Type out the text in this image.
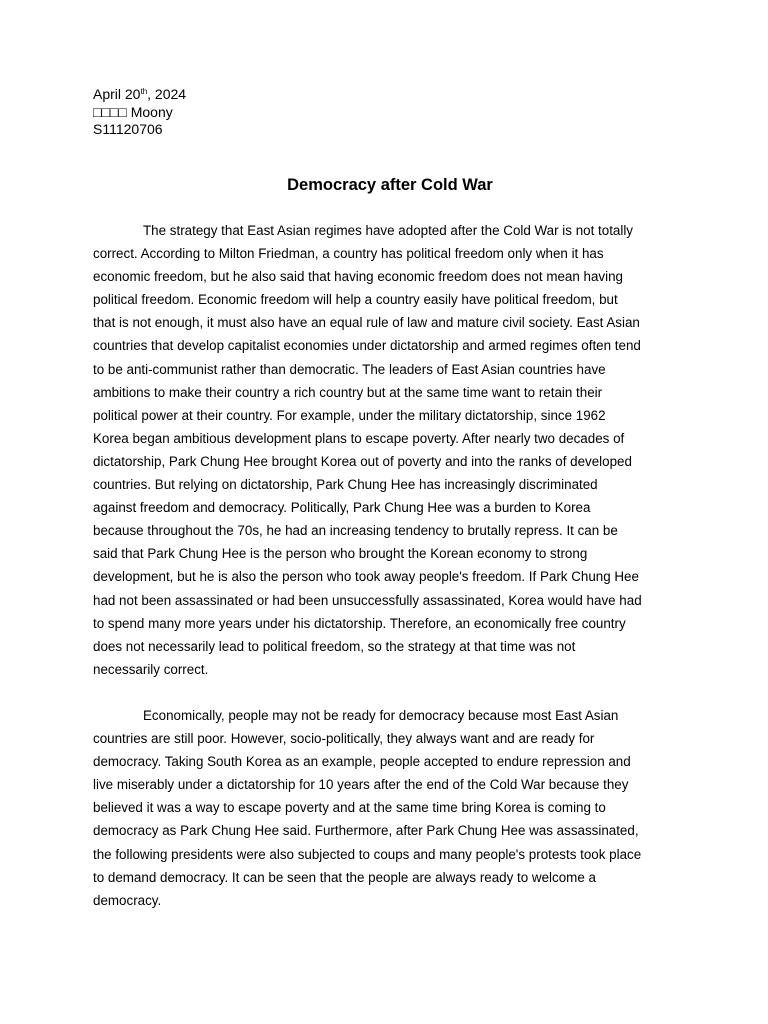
April 20th, 2024
□□□□ Moony
S11120706
Democracy after Cold War
The strategy that East Asian regimes have adopted after the Cold War is not totally
correct. According to Milton Friedman, a country has political freedom only when it has
economic freedom, but he also said that having economic freedom does not mean having
political freedom. Economic freedom will help a country easily have political freedom, but
that is not enough, it must also have an equal rule of law and mature civil society. East Asian
countries that develop capitalist economies under dictatorship and armed regimes often tend
to be anti-communist rather than democratic. The leaders of East Asian countries have
ambitions to make their country a rich country but at the same time want to retain their
political power at their country. For example, under the military dictatorship, since 1962
Korea began ambitious development plans to escape poverty. After nearly two decades of
dictatorship, Park Chung Hee brought Korea out of poverty and into the ranks of developed
countries. But relying on dictatorship, Park Chung Hee has increasingly discriminated
against freedom and democracy. Politically, Park Chung Hee was a burden to Korea
because throughout the 70s, he had an increasing tendency to brutally repress. It can be
said that Park Chung Hee is the person who brought the Korean economy to strong
development, but he is also the person who took away people's freedom. If Park Chung Hee
had not been assassinated or had been unsuccessfully assassinated, Korea would have had
to spend many more years under his dictatorship. Therefore, an economically free country
does not necessarily lead to political freedom, so the strategy at that time was not
necessarily correct.
Economically, people may not be ready for democracy because most East Asian
countries are still poor. However, socio-politically, they always want and are ready for
democracy. Taking South Korea as an example, people accepted to endure repression and
live miserably under a dictatorship for 10 years after the end of the Cold War because they
believed it was a way to escape poverty and at the same time bring Korea is coming to
democracy as Park Chung Hee said. Furthermore, after Park Chung Hee was assassinated,
the following presidents were also subjected to coups and many people's protests took place
to demand democracy. It can be seen that the people are always ready to welcome a
democracy.
